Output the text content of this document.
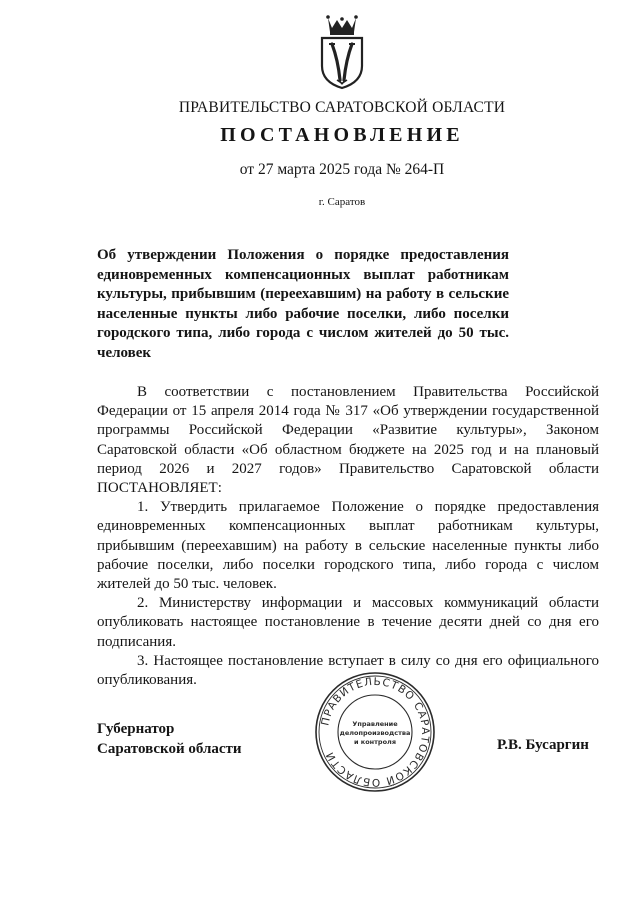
ПРАВИТЕЛЬСТВО САРАТОВСКОЙ ОБЛАСТИ
ПОСТАНОВЛЕНИЕ
от 27 марта 2025 года № 264-П
г. Саратов
Об утверждении Положения о порядке предоставления единовременных компенсационных выплат работникам культуры, прибывшим (переехавшим) на работу в сельские населенные пункты либо рабочие поселки, либо поселки городского типа, либо города с числом жителей до 50 тыс. человек

В соответствии с постановлением Правительства Российской Федерации от 15 апреля 2014 года № 317 «Об утверждении государственной программы Российской Федерации «Развитие культуры», Законом Саратовской области «Об областном бюджете на 2025 год и на плановый период 2026 и 2027 годов» Правительство Саратовской области ПОСТАНОВЛЯЕТ:

1. Утвердить прилагаемое Положение о порядке предоставления единовременных компенсационных выплат работникам культуры, прибывшим (переехавшим) на работу в сельские населенные пункты либо рабочие поселки, либо поселки городского типа, либо города с числом жителей до 50 тыс. человек.

2. Министерству информации и массовых коммуникаций области опубликовать настоящее постановление в течение десяти дней со дня его подписания.

3. Настоящее постановление вступает в силу со дня его официального опубликования.

Губернатор
Саратовской области	Р.В. Бусаргин
ПРАВИТЕЛЬСТВО САРАТОВСКОЙ ОБЛАСТИ
Управление
делопроизводства
и контроля
